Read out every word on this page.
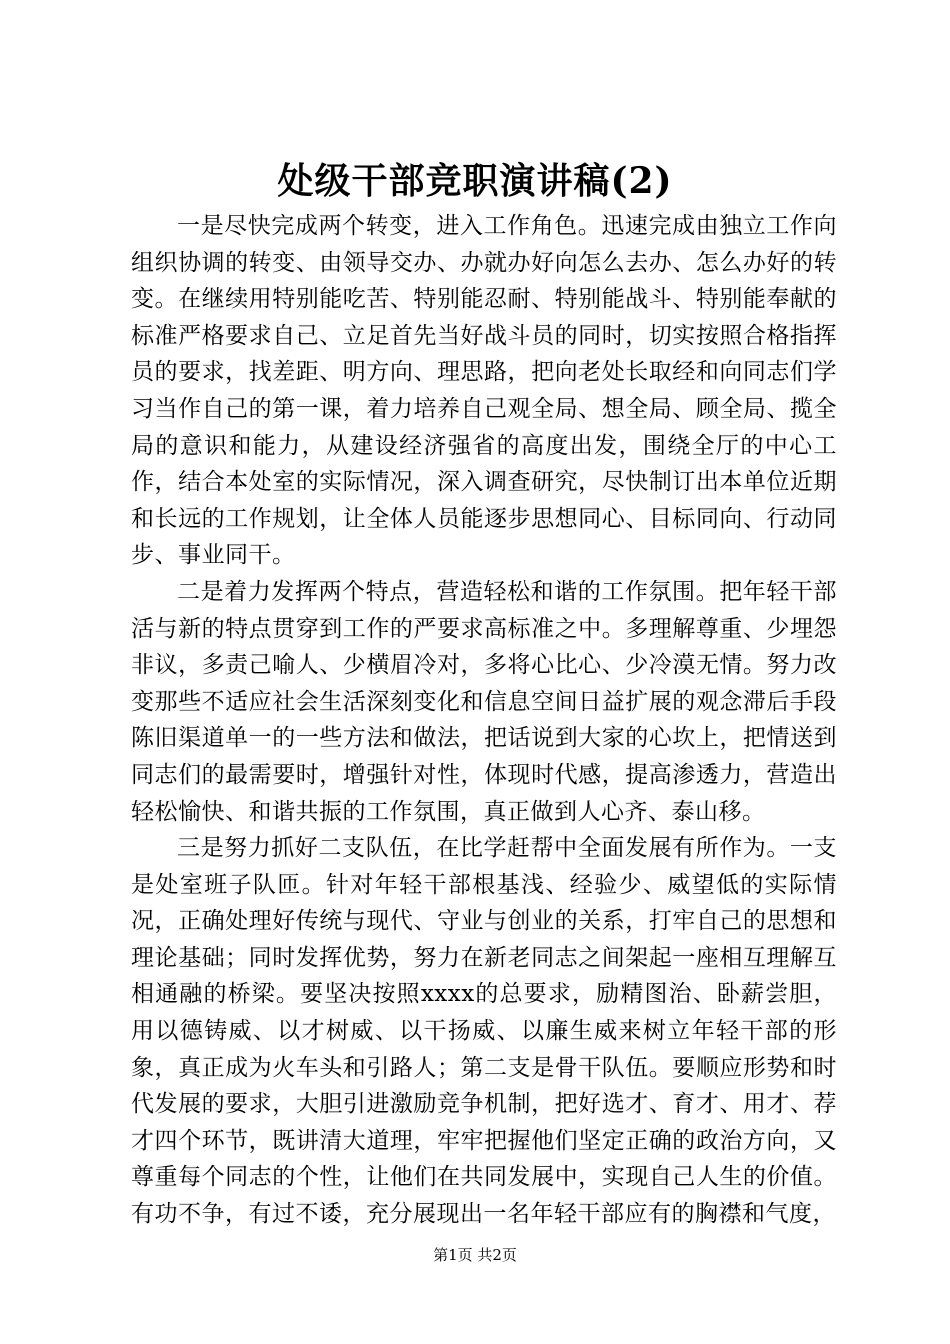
处级干部竞职演讲稿(2)

一是尽快完成两个转变，进入工作角色。迅速完成由独立工作向组织协调的转变、由领导交办、办就办好向怎么去办、怎么办好的转变。在继续用特别能吃苦、特别能忍耐、特别能战斗、特别能奉献的标准严格要求自己、立足首先当好战斗员的同时，切实按照合格指挥员的要求，找差距、明方向、理思路，把向老处长取经和向同志们学习当作自己的第一课，着力培养自己观全局、想全局、顾全局、揽全局的意识和能力，从建设经济强省的高度出发，围绕全厅的中心工作，结合本处室的实际情况，深入调查研究，尽快制订出本单位近期和长远的工作规划，让全体人员能逐步思想同心、目标同向、行动同步、事业同干。

二是着力发挥两个特点，营造轻松和谐的工作氛围。把年轻干部活与新的特点贯穿到工作的严要求高标准之中。多理解尊重、少埋怨非议，多责己喻人、少横眉冷对，多将心比心、少冷漠无情。努力改变那些不适应社会生活深刻变化和信息空间日益扩展的观念滞后手段陈旧渠道单一的一些方法和做法，把话说到大家的心坎上，把情送到同志们的最需要时，增强针对性，体现时代感，提高渗透力，营造出轻松愉快、和谐共振的工作氛围，真正做到人心齐、泰山移。

三是努力抓好二支队伍，在比学赶帮中全面发展有所作为。一支是处室班子队匝。针对年轻干部根基浅、经验少、威望低的实际情况，正确处理好传统与现代、守业与创业的关系，打牢自己的思想和理论基础；同时发挥优势，努力在新老同志之间架起一座相互理解互相通融的桥梁。要坚决按照xxxx的总要求，励精图治、卧薪尝胆，用以德铸威、以才树威、以干扬威、以廉生威来树立年轻干部的形象，真正成为火车头和引路人；第二支是骨干队伍。要顺应形势和时代发展的要求，大胆引进激励竞争机制，把好选才、育才、用才、荐才四个环节，既讲清大道理，牢牢把握他们坚定正确的政治方向，又尊重每个同志的个性，让他们在共同发展中，实现自己人生的价值。有功不争，有过不诿，充分展现出一名年轻干部应有的胸襟和气度，

第1页 共2页
